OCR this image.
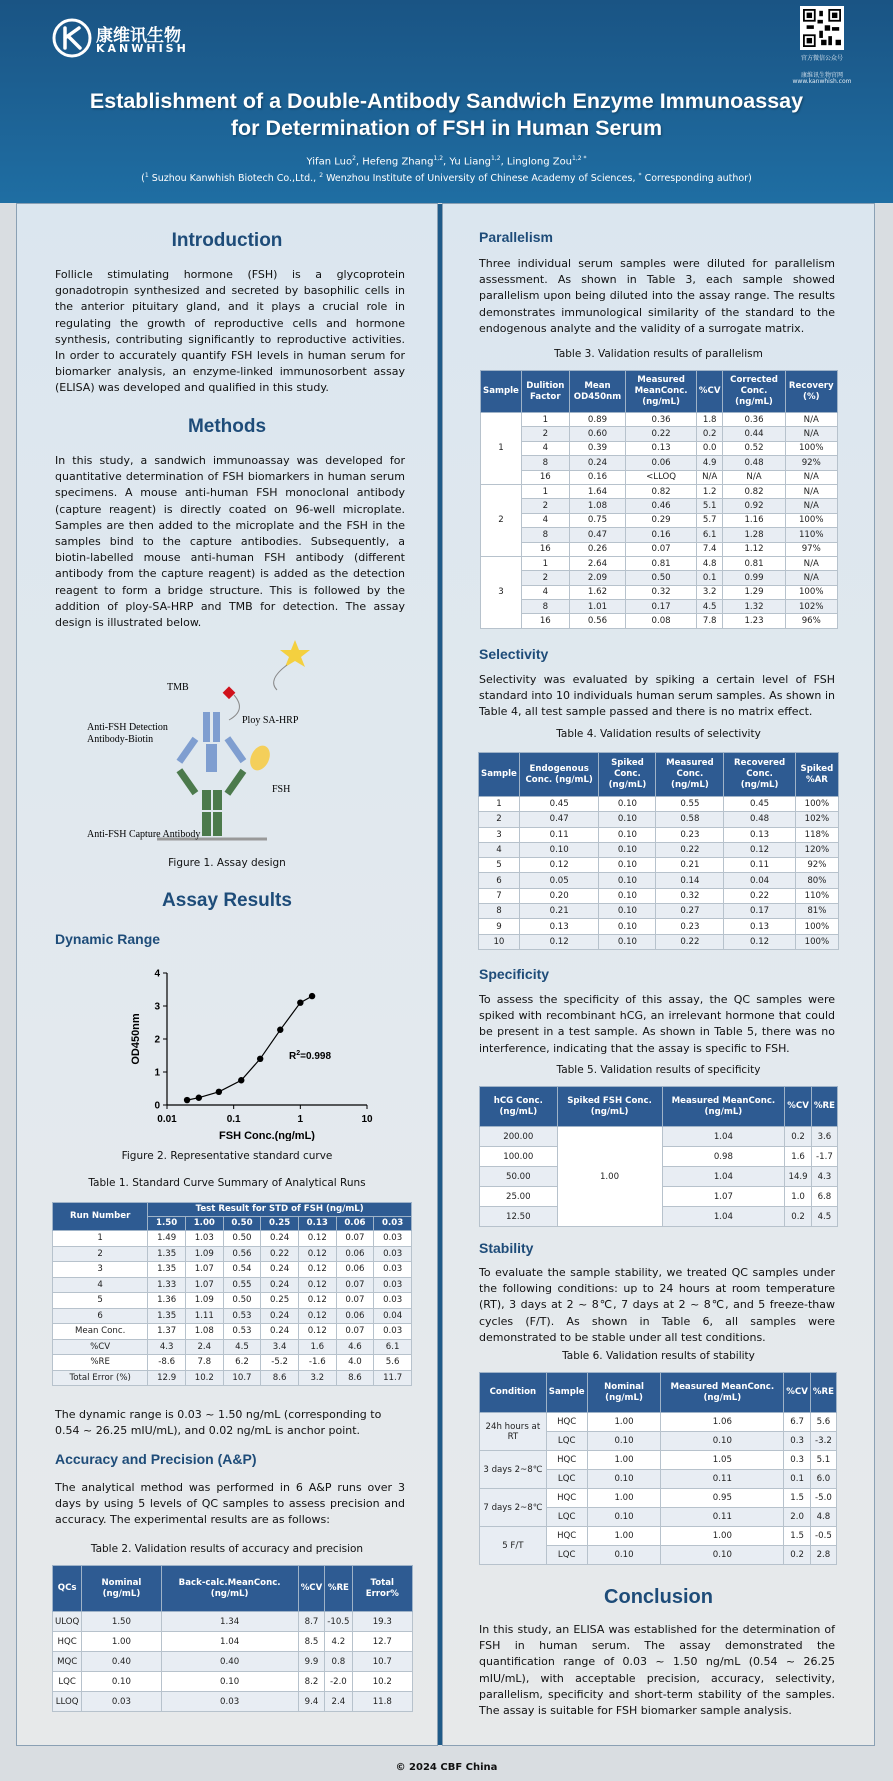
康维讯生物
KANWHISH
官方微信公众号
康维讯生物官网
www.kanwhish.com
Establishment of a Double-Antibody Sandwich Enzyme Immunoassay
for Determination of FSH in Human Serum
Yifan Luo$^2$, Hefeng Zhang$^{1,2}$, Yu Liang$^{1,2}$, Linglong Zou$^{1,2 *}$
($^1$ Suzhou Kanwhish Biotech Co.,Ltd., $^2$ Wenzhou Institute of University of Chinese Academy of Sciences, * Corresponding author)
Introduction
Follicle stimulating hormone (FSH) is a glycoprotein gonadotropin synthesized and secreted by basophilic cells in the anterior pituitary gland, and it plays a crucial role in regulating the growth of reproductive cells and hormone synthesis, contributing significantly to reproductive activities. In order to accurately quantify FSH levels in human serum for biomarker analysis, an enzyme-linked immunosorbent assay (ELISA) was developed and qualified in this study.
Methods
In this study, a sandwich immunoassay was developed for quantitative determination of FSH biomarkers in human serum specimens. A mouse anti-human FSH monoclonal antibody (capture reagent) is directly coated on 96-well microplate. Samples are then added to the microplate and the FSH in the samples bind to the capture antibodies. Subsequently, a biotin-labelled mouse anti-human FSH antibody (different antibody from the capture reagent) is added as the detection reagent to form a bridge structure. This is followed by the addition of ploy-SA-HRP and TMB for detection. The assay design is illustrated below.
TMB
Ploy SA-HRP
Anti-FSH Detection
Antibody-Biotin
FSH
Anti-FSH Capture Antibody
Figure 1. Assay design
Assay Results
Dynamic Range
0
1
2
3
4
0.01	0.1	1	10
FSH Conc.(ng/mL)
OD450nm	$R^2=0.998$
Figure 2. Representative standard curve
Table 1. Standard Curve Summary of Analytical Runs
Run Number	Test Result for STD of FSH (ng/mL)						
	1.50	1.00	0.50	0.25	0.13	0.06	0.03
1	1.49	1.03	0.50	0.24	0.12	0.07	0.03
2	1.35	1.09	0.56	0.22	0.12	0.06	0.03
3	1.35	1.07	0.54	0.24	0.12	0.06	0.03
4	1.33	1.07	0.55	0.24	0.12	0.07	0.03
5	1.36	1.09	0.50	0.25	0.12	0.07	0.03
6	1.35	1.11	0.53	0.24	0.12	0.06	0.04
Mean Conc.	1.37	1.08	0.53	0.24	0.12	0.07	0.03
%CV	4.3	2.4	4.5	3.4	1.6	4.6	6.1
%RE	-8.6	7.8	6.2	-5.2	-1.6	4.0	5.6
Total Error (%)	12.9	10.2	10.7	8.6	3.2	8.6	11.7
The dynamic range is 0.03 ~ 1.50 ng/mL (corresponding to 0.54 ~ 26.25 mIU/mL), and 0.02 ng/mL is anchor point.
Accuracy and Precision (A&P)
The analytical method was performed in 6 A&P runs over 3 days by using 5 levels of QC samples to assess precision and accuracy. The experimental results are as follows:
Table 2. Validation results of accuracy and precision
QCs	Nominal (ng/mL)	Back-calc.MeanConc. (ng/mL)	%CV	%RE	Total Error%
ULOQ	1.50	1.34	8.7	-10.5	19.3
HQC	1.00	1.04	8.5	4.2	12.7
MQC	0.40	0.40	9.9	0.8	10.7
LQC	0.10	0.10	8.2	-2.0	10.2
LLOQ	0.03	0.03	9.4	2.4	11.8
Parallelism
Three individual serum samples were diluted for parallelism assessment. As shown in Table 3, each sample showed parallelism upon being diluted into the assay range. The results demonstrates immunological similarity of the standard to the endogenous analyte and the validity of a surrogate matrix.
Table 3. Validation results of parallelism
Sample	Dulition Factor	Mean OD450nm	Measured MeanConc. (ng/mL)	%CV	Corrected Conc.(ng/mL)	Recovery (%)
1	1	0.89	0.36	1.8	0.36	N/A
	2	0.60	0.22	0.2	0.44	N/A
	4	0.39	0.13	0.0	0.52	100%
	8	0.24	0.06	4.9	0.48	92%
	16	0.16	<LLOQ	N/A	N/A	N/A
2	1	1.64	0.82	1.2	0.82	N/A
	2	1.08	0.46	5.1	0.92	N/A
	4	0.75	0.29	5.7	1.16	100%
	8	0.47	0.16	6.1	1.28	110%
	16	0.26	0.07	7.4	1.12	97%
3	1	2.64	0.81	4.8	0.81	N/A
	2	2.09	0.50	0.1	0.99	N/A
	4	1.62	0.32	3.2	1.29	100%
	8	1.01	0.17	4.5	1.32	102%
	16	0.56	0.08	7.8	1.23	96%
Selectivity
Selectivity was evaluated by spiking a certain level of FSH standard into 10 individuals human serum samples. As shown in Table 4, all test sample passed and there is no matrix effect.
Table 4. Validation results of selectivity
Sample	Endogenous Conc. (ng/mL)	Spiked Conc. (ng/mL)	Measured Conc. (ng/mL)	Recovered Conc. (ng/mL)	Spiked %AR
1	0.45	0.10	0.55	0.45	100%
2	0.47	0.10	0.58	0.48	102%
3	0.11	0.10	0.23	0.13	118%
4	0.10	0.10	0.22	0.12	120%
5	0.12	0.10	0.21	0.11	92%
6	0.05	0.10	0.14	0.04	80%
7	0.20	0.10	0.32	0.22	110%
8	0.21	0.10	0.27	0.17	81%
9	0.13	0.10	0.23	0.13	100%
10	0.12	0.10	0.22	0.12	100%
Specificity
To assess the specificity of this assay, the QC samples were spiked with recombinant hCG, an irrelevant hormone that could be present in a test sample. As shown in Table 5, there was no interference, indicating that the assay is specific to FSH.
Table 5. Validation results of specificity
hCG Conc.(ng/mL)	Spiked FSH Conc. (ng/mL)	Measured MeanConc. (ng/mL)	%CV	%RE
200.00	1.00	1.04	0.2	3.6
100.00		0.98	1.6	-1.7
50.00		1.04	14.9	4.3
25.00		1.07	1.0	6.8
12.50		1.04	0.2	4.5
Stability
To evaluate the sample stability, we treated QC samples under the following conditions: up to 24 hours at room temperature (RT), 3 days at 2 ~ 8℃, 7 days at 2 ~ 8℃, and 5 freeze-thaw cycles (F/T). As shown in Table 6, all samples were demonstrated to be stable under all test conditions.
Table 6. Validation results of stability
Condition	Sample	Nominal (ng/mL)	Measured MeanConc. (ng/mL)	%CV	%RE
24h hours at RT	HQC	1.00	1.06	6.7	5.6
	LQC	0.10	0.10	0.3	-3.2
3 days 2~8℃	HQC	1.00	1.05	0.3	5.1
	LQC	0.10	0.11	0.1	6.0
7 days 2~8℃	HQC	1.00	0.95	1.5	-5.0
	LQC	0.10	0.11	2.0	4.8
5 F/T	HQC	1.00	1.00	1.5	-0.5
	LQC	0.10	0.10	0.2	2.8
Conclusion
In this study, an ELISA was established for the determination of FSH in human serum. The assay demonstrated the quantification range of 0.03 ~ 1.50 ng/mL (0.54 ~ 26.25 mIU/mL), with acceptable precision, accuracy, selectivity, parallelism, specificity and short-term stability of the samples. The assay is suitable for FSH biomarker sample analysis.
© 2024 CBF China
